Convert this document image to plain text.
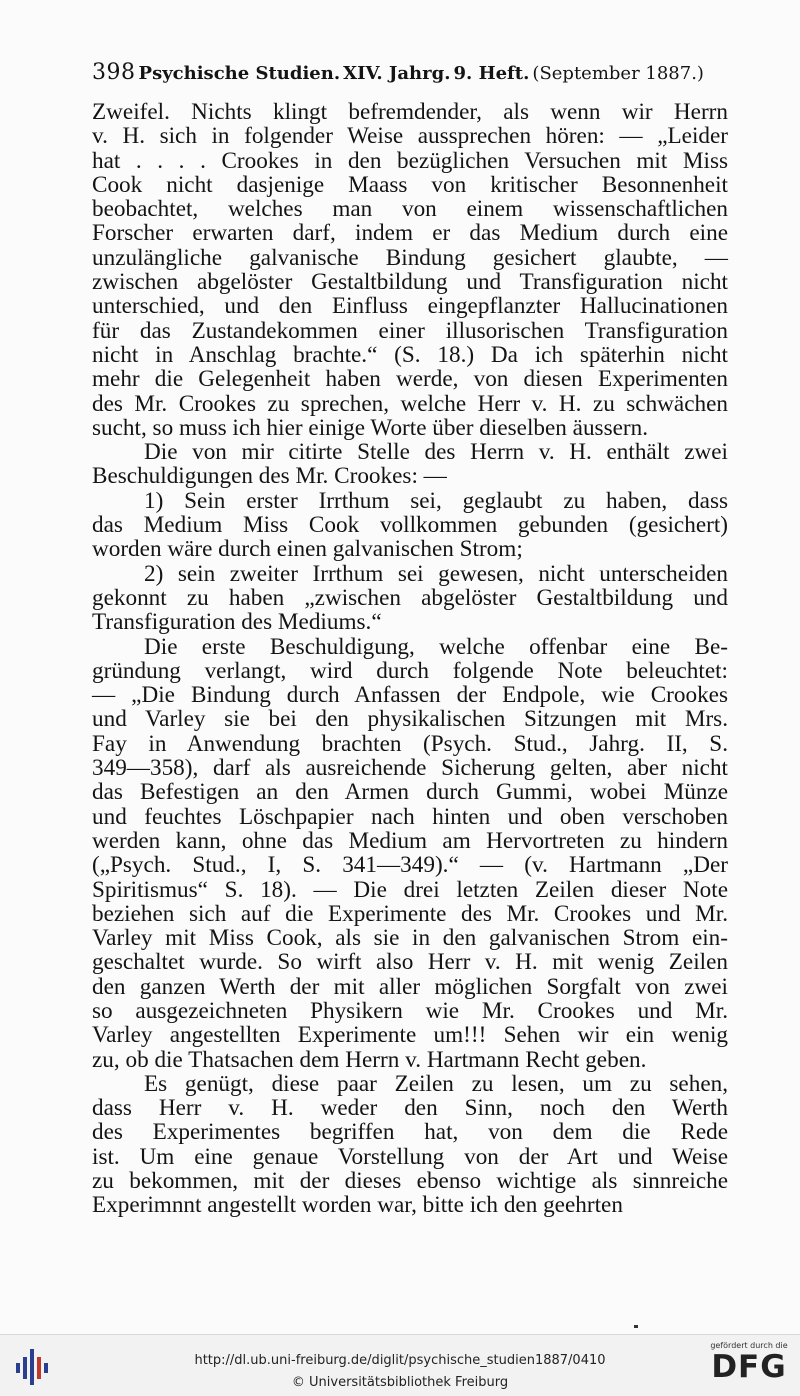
398 Psychische Studien. XIV. Jahrg. 9. Heft. (September 1887.)
Zweifel. Nichts klingt befremdender, als wenn wir Herrn
v. H. sich in folgender Weise aussprechen hören: — „Leider
hat . . . . Crookes in den bezüglichen Versuchen mit Miss
Cook nicht dasjenige Maass von kritischer Besonnenheit
beobachtet, welches man von einem wissenschaftlichen
Forscher erwarten darf, indem er das Medium durch eine
unzulängliche galvanische Bindung gesichert glaubte, —
zwischen abgelöster Gestaltbildung und Transfiguration nicht
unterschied, und den Einfluss eingepflanzter Hallucinationen
für das Zustandekommen einer illusorischen Transfiguration
nicht in Anschlag brachte.“ (S. 18.) Da ich späterhin nicht
mehr die Gelegenheit haben werde, von diesen Experimenten
des Mr. Crookes zu sprechen, welche Herr v. H. zu schwächen
sucht, so muss ich hier einige Worte über dieselben äussern.
Die von mir citirte Stelle des Herrn v. H. enthält zwei
Beschuldigungen des Mr. Crookes: —
1) Sein erster Irrthum sei, geglaubt zu haben, dass
das Medium Miss Cook vollkommen gebunden (gesichert)
worden wäre durch einen galvanischen Strom;
2) sein zweiter Irrthum sei gewesen, nicht unterscheiden
gekonnt zu haben „zwischen abgelöster Gestaltbildung und
Transfiguration des Mediums.“
Die erste Beschuldigung, welche offenbar eine Be-
gründung verlangt, wird durch folgende Note beleuchtet:
— „Die Bindung durch Anfassen der Endpole, wie Crookes
und Varley sie bei den physikalischen Sitzungen mit Mrs.
Fay in Anwendung brachten (Psych. Stud., Jahrg. II, S.
349—358), darf als ausreichende Sicherung gelten, aber nicht
das Befestigen an den Armen durch Gummi, wobei Münze
und feuchtes Löschpapier nach hinten und oben verschoben
werden kann, ohne das Medium am Hervortreten zu hindern
(„Psych. Stud., I, S. 341—349).“ — (v. Hartmann „Der
Spiritismus“ S. 18). — Die drei letzten Zeilen dieser Note
beziehen sich auf die Experimente des Mr. Crookes und Mr.
Varley mit Miss Cook, als sie in den galvanischen Strom ein-
geschaltet wurde. So wirft also Herr v. H. mit wenig Zeilen
den ganzen Werth der mit aller möglichen Sorgfalt von zwei
so ausgezeichneten Physikern wie Mr. Crookes und Mr.
Varley angestellten Experimente um!!! Sehen wir ein wenig
zu, ob die Thatsachen dem Herrn v. Hartmann Recht geben.
Es genügt, diese paar Zeilen zu lesen, um zu sehen,
dass Herr v. H. weder den Sinn, noch den Werth
des Experimentes begriffen hat, von dem die Rede
ist. Um eine genaue Vorstellung von der Art und Weise
zu bekommen, mit der dieses ebenso wichtige als sinnreiche
Experimnnt angestellt worden war, bitte ich den geehrten
http://dl.ub.uni-freiburg.de/diglit/psychische_studien1887/0410
© Universitätsbibliothek Freiburg
gefördert durch die
DFG
